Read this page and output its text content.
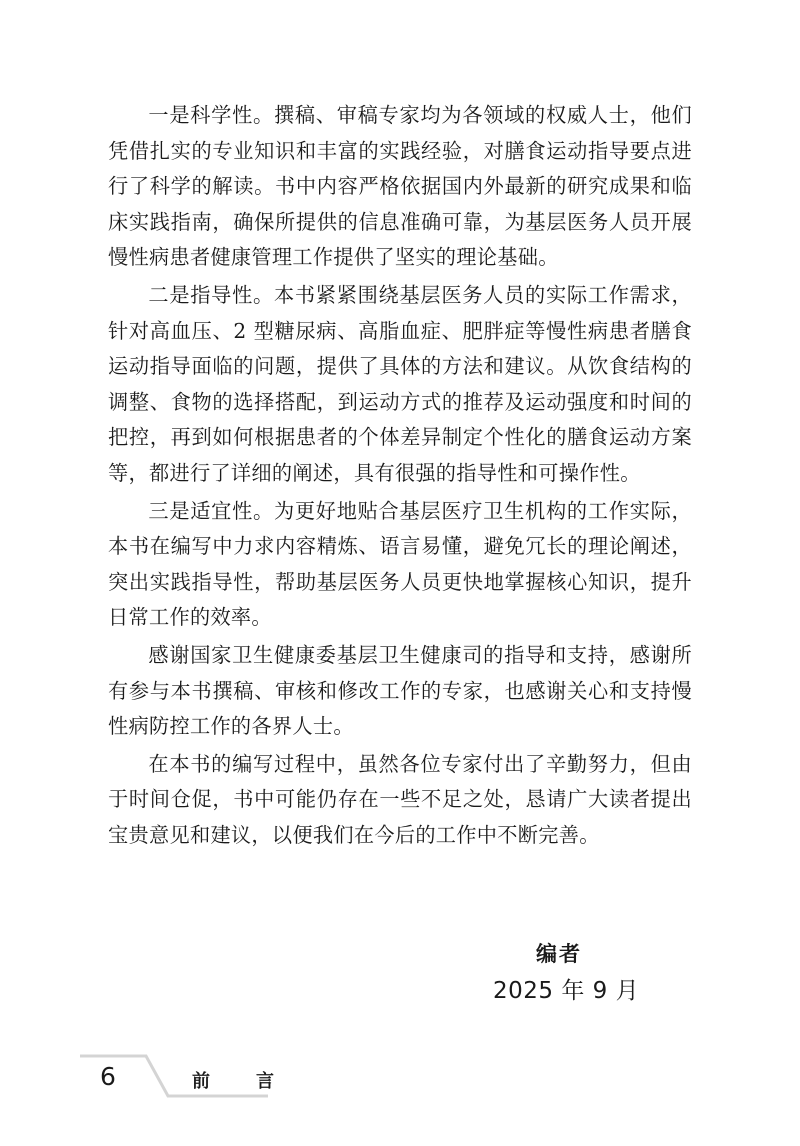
一是科学性。撰稿、审稿专家均为各领域的权威人士，他们凭借扎实的专业知识和丰富的实践经验，对膳食运动指导要点进行了科学的解读。书中内容严格依据国内外最新的研究成果和临床实践指南，确保所提供的信息准确可靠，为基层医务人员开展慢性病患者健康管理工作提供了坚实的理论基础。

二是指导性。本书紧紧围绕基层医务人员的实际工作需求，针对高血压、2 型糖尿病、高脂血症、肥胖症等慢性病患者膳食运动指导面临的问题，提供了具体的方法和建议。从饮食结构的调整、食物的选择搭配，到运动方式的推荐及运动强度和时间的把控，再到如何根据患者的个体差异制定个性化的膳食运动方案等，都进行了详细的阐述，具有很强的指导性和可操作性。

三是适宜性。为更好地贴合基层医疗卫生机构的工作实际，本书在编写中力求内容精炼、语言易懂，避免冗长的理论阐述，突出实践指导性，帮助基层医务人员更快地掌握核心知识，提升日常工作的效率。

感谢国家卫生健康委基层卫生健康司的指导和支持，感谢所有参与本书撰稿、审核和修改工作的专家，也感谢关心和支持慢性病防控工作的各界人士。

在本书的编写过程中，虽然各位专家付出了辛勤努力，但由于时间仓促，书中可能仍存在一些不足之处，恳请广大读者提出宝贵意见和建议，以便我们在今后的工作中不断完善。

编者
2025 年 9 月
6	前言
